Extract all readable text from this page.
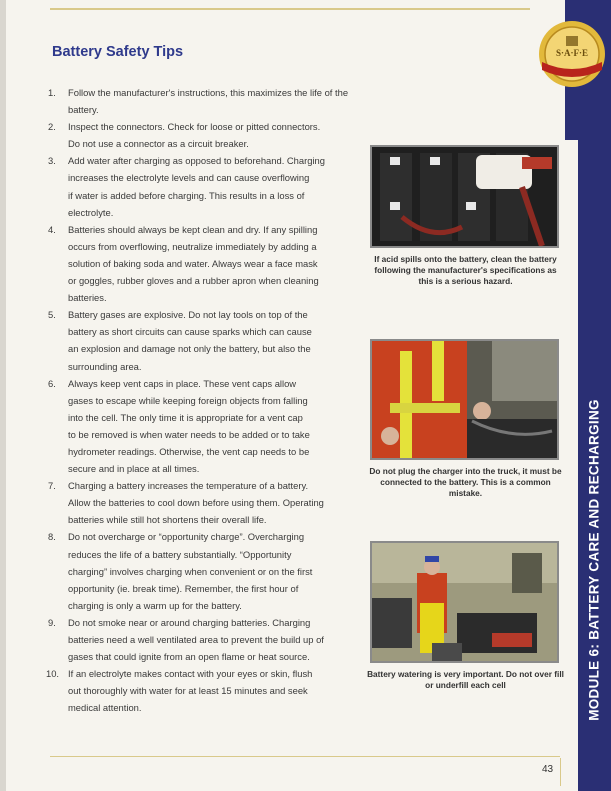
MODULE 6: BATTERY CARE AND RECHARGING
S·A·F·E
Battery Safety Tips
1.	Follow the manufacturer's instructions, this maximizes the life of the battery.
2.	Inspect the connectors. Check for loose or pitted connectors.
Do not use a connector as a circuit breaker.
3.	Add water after charging as opposed to beforehand. Charging
increases the electrolyte levels and can cause overflowing
if water is added before charging. This results in a loss of
electrolyte.
4.	Batteries should always be kept clean and dry. If any spilling
occurs from overflowing, neutralize immediately by adding a
solution of baking soda and water. Always wear a face mask
or goggles, rubber gloves and a rubber apron when cleaning
batteries.
5.	Battery gases are explosive. Do not lay tools on top of the
battery as short circuits can cause sparks which can cause
an explosion and damage not only the battery, but also the
surrounding area.
6.	Always keep vent caps in place. These vent caps allow
gases to escape while keeping foreign objects from falling
into the cell. The only time it is appropriate for a vent cap
to be removed is when water needs to be added or to take
hydrometer readings. Otherwise, the vent cap needs to be
secure and in place at all times.
7.	Charging a battery increases the temperature of a battery.
Allow the batteries to cool down before using them. Operating
batteries while still hot shortens their overall life.
8.	Do not overcharge or “opportunity charge”. Overcharging
reduces the life of a battery substantially. “Opportunity
charging” involves charging when convenient or on the first
opportunity (ie. break time). Remember, the first hour of
charging is only a warm up for the battery.
9.	Do not smoke near or around charging batteries. Charging
batteries need a well ventilated area to prevent the build up of
gases that could ignite from an open flame or heat source.
10. If an electrolyte makes contact with your eyes or skin, flush
out thoroughly with water for at least 15 minutes and seek
medical attention.
If acid spills onto the battery, clean the battery following the manufacturer's specifications as this is a serious hazard.
Do not plug the charger into the truck, it must be connected to the battery. This is a common mistake.
Battery watering is very important. Do not over fill or underfill each cell
43
